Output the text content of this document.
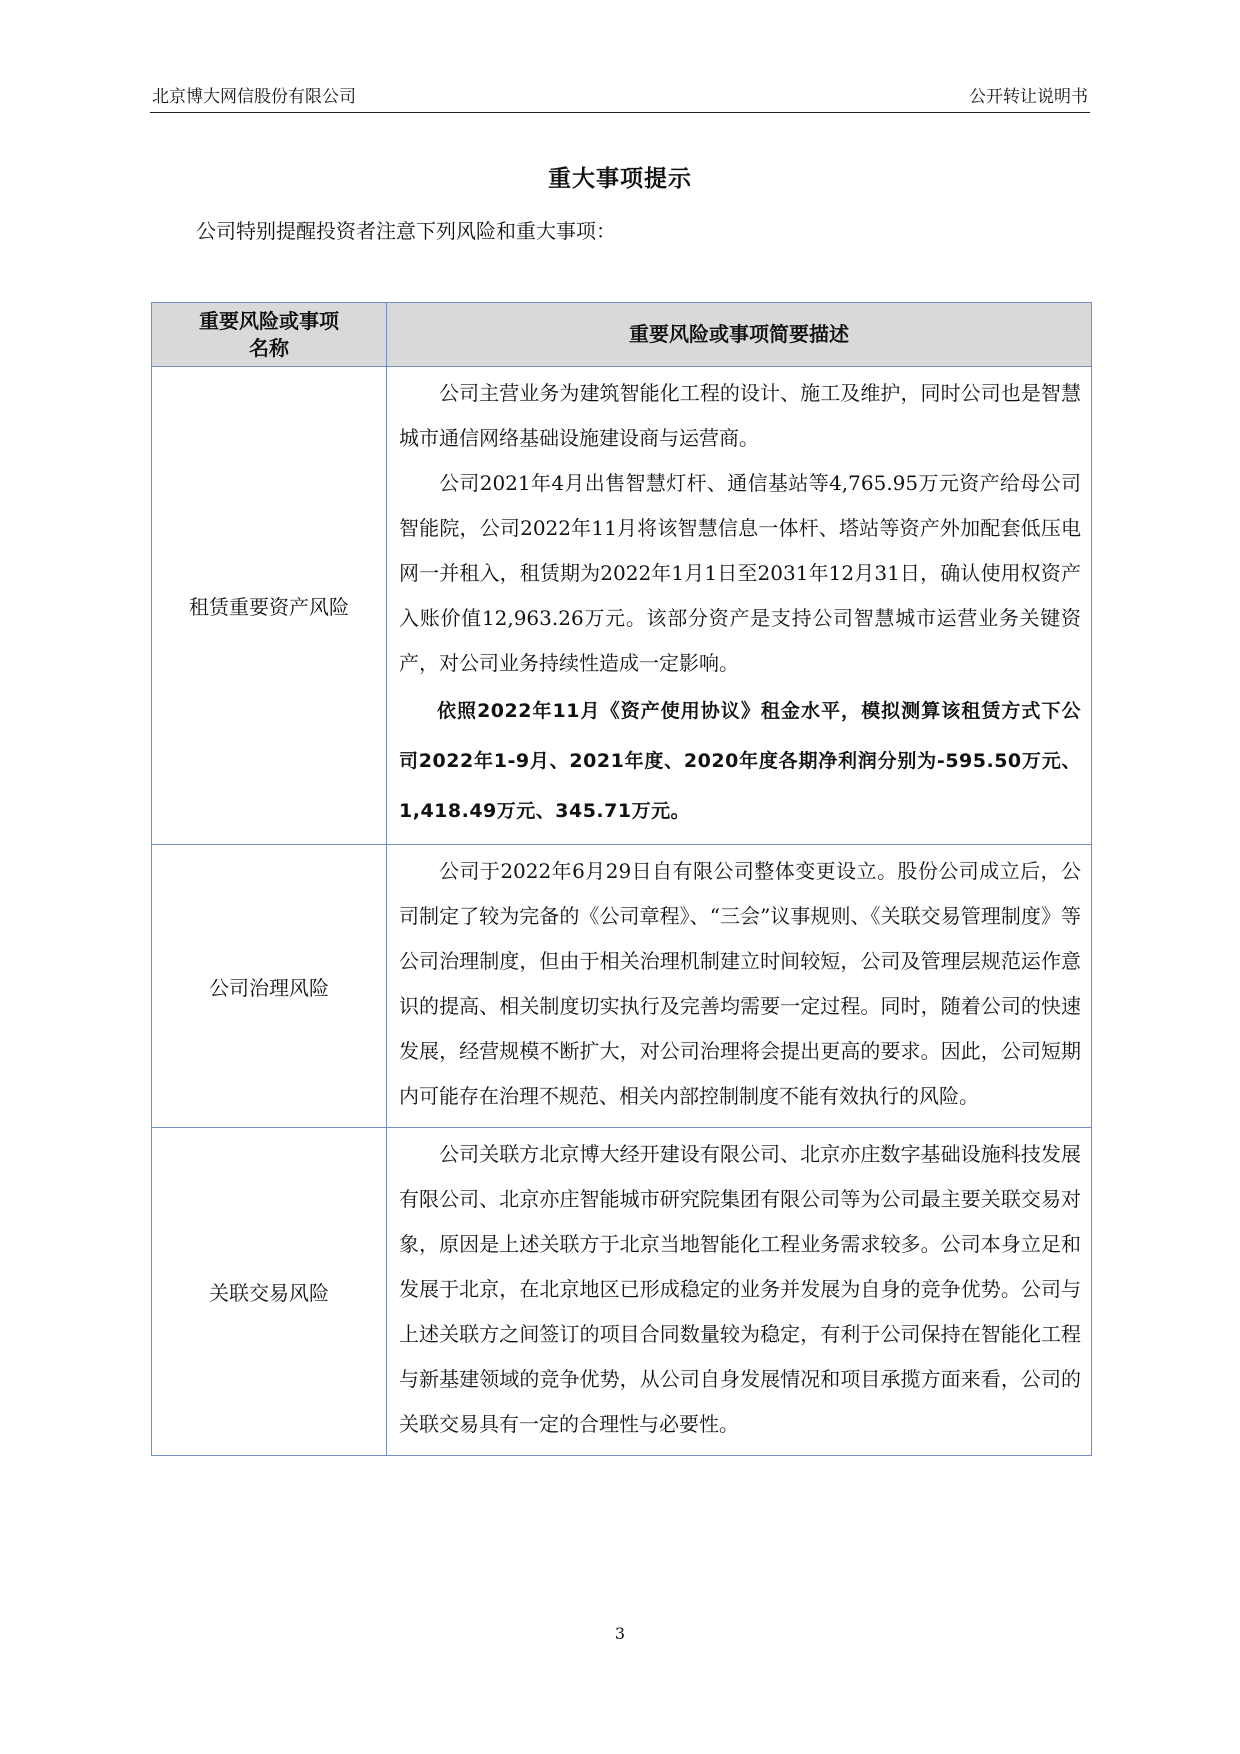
北京博大网信股份有限公司	公开转让说明书
重大事项提示
公司特别提醒投资者注意下列风险和重大事项：
重要风险或事项名称	重要风险或事项简要描述
租赁重要资产风险	公司主营业务为建筑智能化工程的设计、施工及维护，同时公司也是智慧城市通信网络基础设施建设商与运营商。

公司2021年4月出售智慧灯杆、通信基站等4,765.95万元资产给母公司智能院，公司2022年11月将该智慧信息一体杆、塔站等资产外加配套低压电网一并租入，租赁期为2022年1月1日至2031年12月31日，确认使用权资产入账价值12,963.26万元。该部分资产是支持公司智慧城市运营业务关键资产，对公司业务持续性造成一定影响。

依照2022年11月《资产使用协议》租金水平，模拟测算该租赁方式下公司2022年1-9月、2021年度、2020年度各期净利润分别为-595.50万元、1,418.49万元、345.71万元。

公司治理风险	公司于2022年6月29日自有限公司整体变更设立。股份公司成立后，公司制定了较为完备的《公司章程》、“三会”议事规则、《关联交易管理制度》等公司治理制度，但由于相关治理机制建立时间较短，公司及管理层规范运作意识的提高、相关制度切实执行及完善均需要一定过程。同时，随着公司的快速发展，经营规模不断扩大，对公司治理将会提出更高的要求。因此，公司短期内可能存在治理不规范、相关内部控制制度不能有效执行的风险。

关联交易风险	公司关联方北京博大经开建设有限公司、北京亦庄数字基础设施科技发展有限公司、北京亦庄智能城市研究院集团有限公司等为公司最主要关联交易对象，原因是上述关联方于北京当地智能化工程业务需求较多。公司本身立足和发展于北京，在北京地区已形成稳定的业务并发展为自身的竞争优势。公司与上述关联方之间签订的项目合同数量较为稳定，有利于公司保持在智能化工程与新基建领域的竞争优势，从公司自身发展情况和项目承揽方面来看，公司的关联交易具有一定的合理性与必要性。

3
